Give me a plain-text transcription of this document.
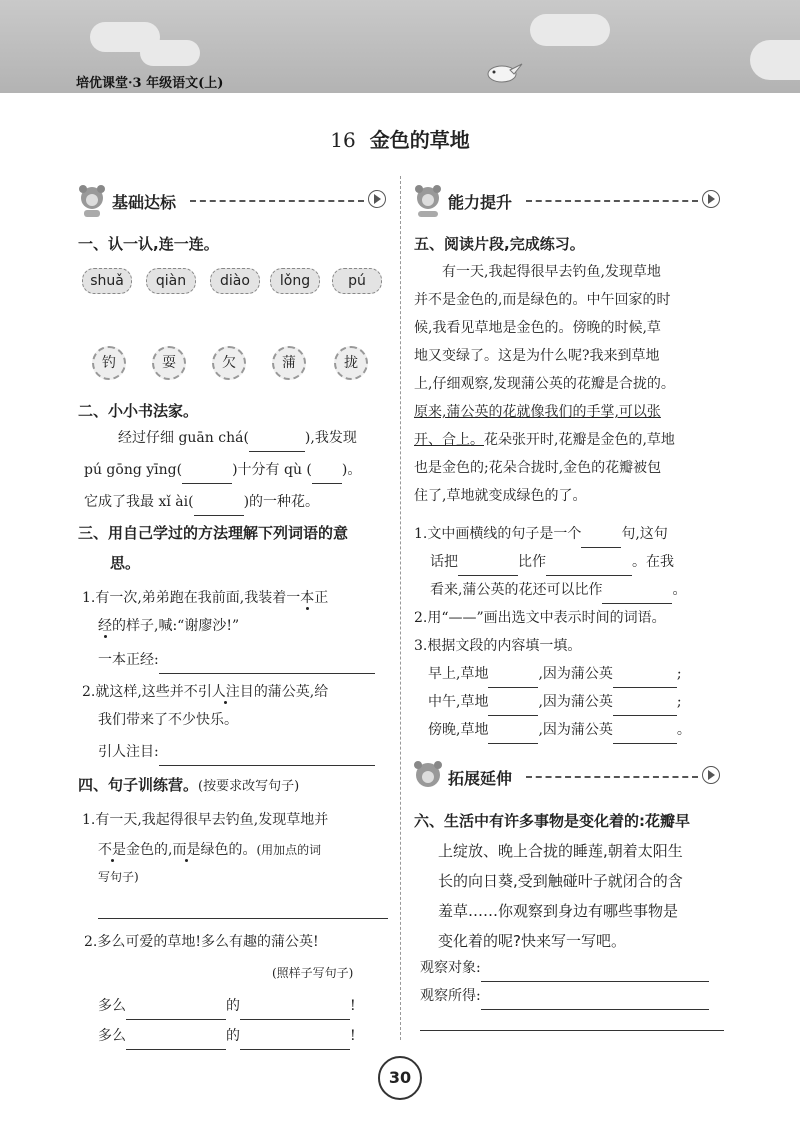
培优课堂·3 年级语文(上)
16 金色的草地
基础达标
一、认一认,连一连。
shuǎ	qiàn	diào	lǒng	pú
钓	耍	欠	蒲	拢
二、小小书法家。
经过仔细 guān chá(	),我发现
pú gōng yīng(	)十分有 qù ( )。
它成了我最 xǐ ài(	)的一种花。
三、用自己学过的方法理解下列词语的意
思。
1.有一次,弟弟跑在我前面,我装着一本正
经的样子,喊:“谢廖沙!”
一本正经:
2.就这样,这些并不引人注目的蒲公英,给
我们带来了不少快乐。
引人注目:
四、句子训练营。(按要求改写句子)
1.有一天,我起得很早去钓鱼,发现草地并
不是金色的,而是绿色的。(用加点的词
写句子)
2.多么可爱的草地!多么有趣的蒲公英!
(照样子写句子)
多么	的	!
多么	的	!
能力提升
五、阅读片段,完成练习。
有一天,我起得很早去钓鱼,发现草地
并不是金色的,而是绿色的。中午回家的时
候,我看见草地是金色的。傍晚的时候,草
地又变绿了。这是为什么呢?我来到草地
上,仔细观察,发现蒲公英的花瓣是合拢的。
原来,蒲公英的花就像我们的手掌,可以张
开、合上。花朵张开时,花瓣是金色的,草地
也是金色的;花朵合拢时,金色的花瓣被包
住了,草地就变成绿色的了。
1.文中画横线的句子是一个	句,这句
话把	比作	。在我
看来,蒲公英的花还可以比作	。
2.用“——”画出选文中表示时间的词语。
3.根据文段的内容填一填。
早上,草地	,因为蒲公英	;
中午,草地	,因为蒲公英	;
傍晚,草地	,因为蒲公英	。
拓展延伸
六、生活中有许多事物是变化着的:花瓣早
上绽放、晚上合拢的睡莲,朝着太阳生
长的向日葵,受到触碰叶子就闭合的含
羞草……你观察到身边有哪些事物是
变化着的呢?快来写一写吧。
观察对象:
观察所得:
30
